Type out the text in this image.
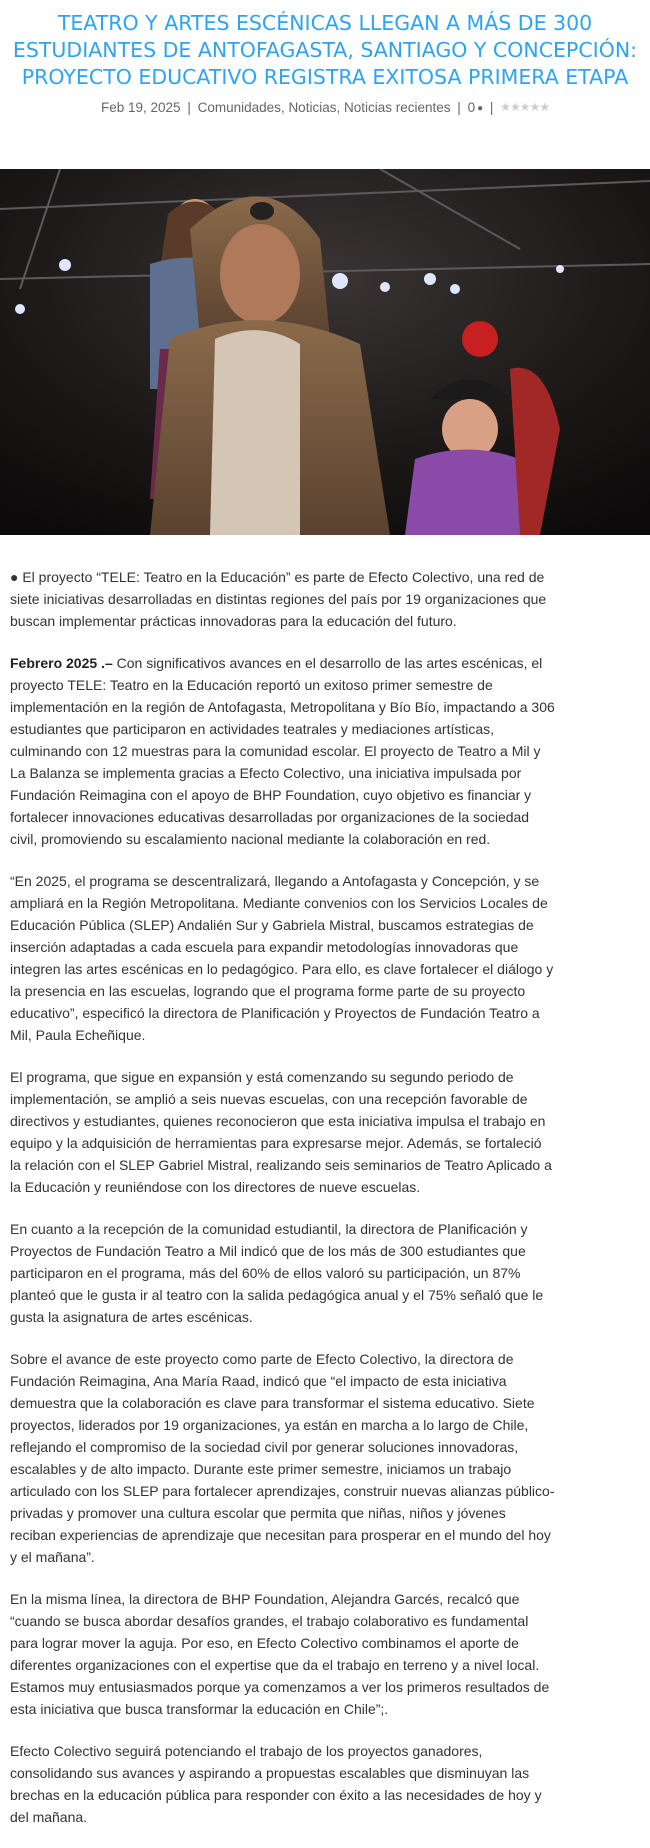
TEATRO Y ARTES ESCÉNICAS LLEGAN A MÁS DE 300 ESTUDIANTES DE ANTOFAGASTA, SANTIAGO Y CONCEPCIÓN: PROYECTO EDUCATIVO REGISTRA EXITOSA PRIMERA ETAPA
Feb 19, 2025 | Comunidades, Noticias, Noticias recientes | 0 ● | ★★★★★

● El proyecto “TELE: Teatro en la Educación” es parte de Efecto Colectivo, una red de siete iniciativas desarrolladas en distintas regiones del país por 19 organizaciones que buscan implementar prácticas innovadoras para la educación del futuro.

Febrero 2025 .– Con significativos avances en el desarrollo de las artes escénicas, el proyecto TELE: Teatro en la Educación reportó un exitoso primer semestre de implementación en la región de Antofagasta, Metropolitana y Bío Bío, impactando a 306 estudiantes que participaron en actividades teatrales y mediaciones artísticas, culminando con 12 muestras para la comunidad escolar. El proyecto de Teatro a Mil y La Balanza se implementa gracias a Efecto Colectivo, una iniciativa impulsada por Fundación Reimagina con el apoyo de BHP Foundation, cuyo objetivo es financiar y fortalecer innovaciones educativas desarrolladas por organizaciones de la sociedad civil, promoviendo su escalamiento nacional mediante la colaboración en red.

“En 2025, el programa se descentralizará, llegando a Antofagasta y Concepción, y se ampliará en la Región Metropolitana. Mediante convenios con los Servicios Locales de Educación Pública (SLEP) Andalién Sur y Gabriela Mistral, buscamos estrategias de inserción adaptadas a cada escuela para expandir metodologías innovadoras que integren las artes escénicas en lo pedagógico. Para ello, es clave fortalecer el diálogo y la presencia en las escuelas, logrando que el programa forme parte de su proyecto educativo”, especificó la directora de Planificación y Proyectos de Fundación Teatro a Mil, Paula Echeñique.

El programa, que sigue en expansión y está comenzando su segundo periodo de implementación, se amplió a seis nuevas escuelas, con una recepción favorable de directivos y estudiantes, quienes reconocieron que esta iniciativa impulsa el trabajo en equipo y la adquisición de herramientas para expresarse mejor. Además, se fortaleció la relación con el SLEP Gabriel Mistral, realizando seis seminarios de Teatro Aplicado a la Educación y reuniéndose con los directores de nueve escuelas.

En cuanto a la recepción de la comunidad estudiantil, la directora de Planificación y Proyectos de Fundación Teatro a Mil indicó que de los más de 300 estudiantes que participaron en el programa, más del 60% de ellos valoró su participación, un 87% planteó que le gusta ir al teatro con la salida pedagógica anual y el 75% señaló que le gusta la asignatura de artes escénicas.

Sobre el avance de este proyecto como parte de Efecto Colectivo, la directora de Fundación Reimagina, Ana María Raad, indicó que “el impacto de esta iniciativa demuestra que la colaboración es clave para transformar el sistema educativo. Siete proyectos, liderados por 19 organizaciones, ya están en marcha a lo largo de Chile, reflejando el compromiso de la sociedad civil por generar soluciones innovadoras, escalables y de alto impacto. Durante este primer semestre, iniciamos un trabajo articulado con los SLEP para fortalecer aprendizajes, construir nuevas alianzas público-privadas y promover una cultura escolar que permita que niñas, niños y jóvenes reciban experiencias de aprendizaje que necesitan para prosperar en el mundo del hoy y el mañana”.

En la misma línea, la directora de BHP Foundation, Alejandra Garcés, recalcó que “cuando se busca abordar desafíos grandes, el trabajo colaborativo es fundamental para lograr mover la aguja. Por eso, en Efecto Colectivo combinamos el aporte de diferentes organizaciones con el expertise que da el trabajo en terreno y a nivel local. Estamos muy entusiasmados porque ya comenzamos a ver los primeros resultados de esta iniciativa que busca transformar la educación en Chile”;.

Efecto Colectivo seguirá potenciando el trabajo de los proyectos ganadores, consolidando sus avances y aspirando a propuestas escalables que disminuyan las brechas en la educación pública para responder con éxito a las necesidades de hoy y del mañana.
